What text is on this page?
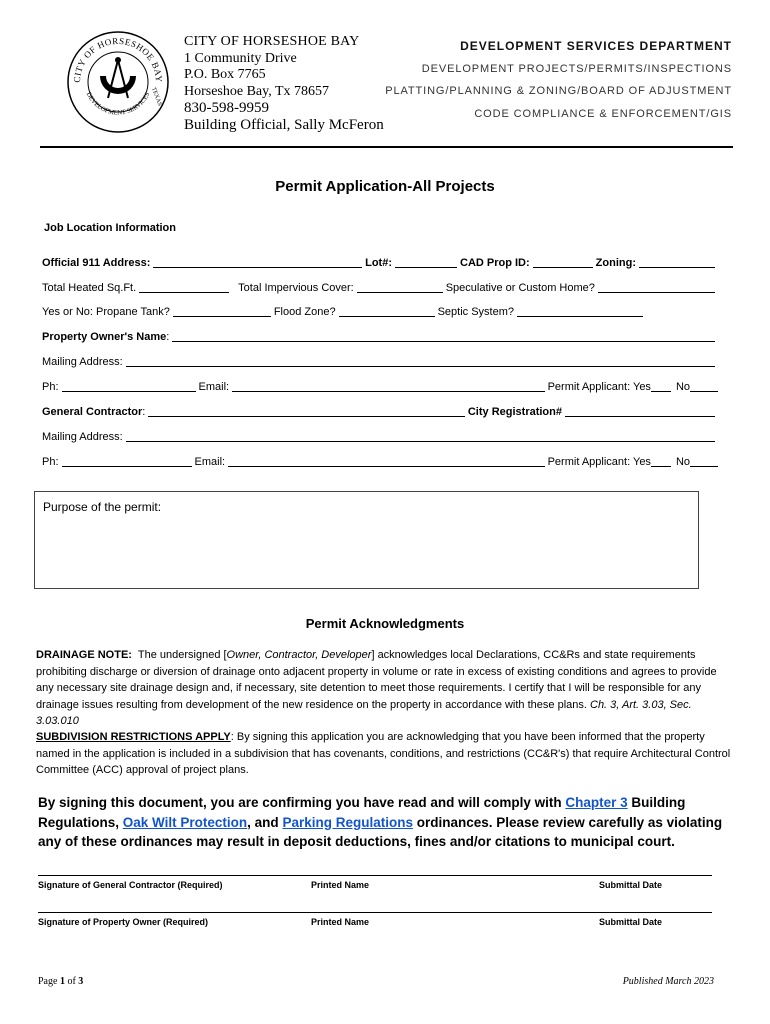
CITY OF HORSESHOE BAY
DEVELOPMENT SERVICES
TEXAS
CITY OF HORSESHOE BAY
1 Community Drive
P.O. Box 7765
Horseshoe Bay, Tx 78657
830-598-9959
Building Official, Sally McFeron
DEVELOPMENT SERVICES DEPARTMENT
DEVELOPMENT PROJECTS/PERMITS/INSPECTIONS
PLATTING/PLANNING & ZONING/BOARD OF ADJUSTMENT
CODE COMPLIANCE & ENFORCEMENT/GIS
Permit Application-All Projects
Job Location Information
Official 911 Address:	Lot#:	CAD Prop ID:	Zoning:
Total Heated Sq.Ft.	Total Impervious Cover:	Speculative or Custom Home?
Yes or No: Propane Tank?	Flood Zone?	Septic System?
Property Owner's Name :
Mailing Address:
Ph:	Email:	Permit Applicant: Yes No
General Contractor :	City Registration#
Mailing Address:
Ph:	Email:	Permit Applicant: Yes No
Purpose of the permit:
Permit Acknowledgments
DRAINAGE NOTE: The undersigned [Owner, Contractor, Developer] acknowledges local Declarations, CC&Rs and state requirements prohibiting discharge or diversion of drainage onto adjacent property in volume or rate in excess of existing conditions and agrees to provide any necessary site drainage design and, if necessary, site detention to meet those requirements. I certify that I will be responsible for any drainage issues resulting from development of the new residence on the property in accordance with these plans. Ch. 3, Art. 3.03, Sec. 3.03.010
SUBDIVISION RESTRICTIONS APPLY: By signing this application you are acknowledging that you have been informed that the property named in the application is included in a subdivision that has covenants, conditions, and restrictions (CC&R's) that require Architectural Control Committee (ACC) approval of project plans.
By signing this document, you are confirming you have read and will comply with Chapter 3 Building Regulations, Oak Wilt Protection, and Parking Regulations ordinances. Please review carefully as violating any of these ordinances may result in deposit deductions, fines and/or citations to municipal court.
Signature of General Contractor (Required)	Printed Name	Submittal Date
Signature of Property Owner (Required)	Printed Name	Submittal Date
Page 1 of 3	Published March 2023
